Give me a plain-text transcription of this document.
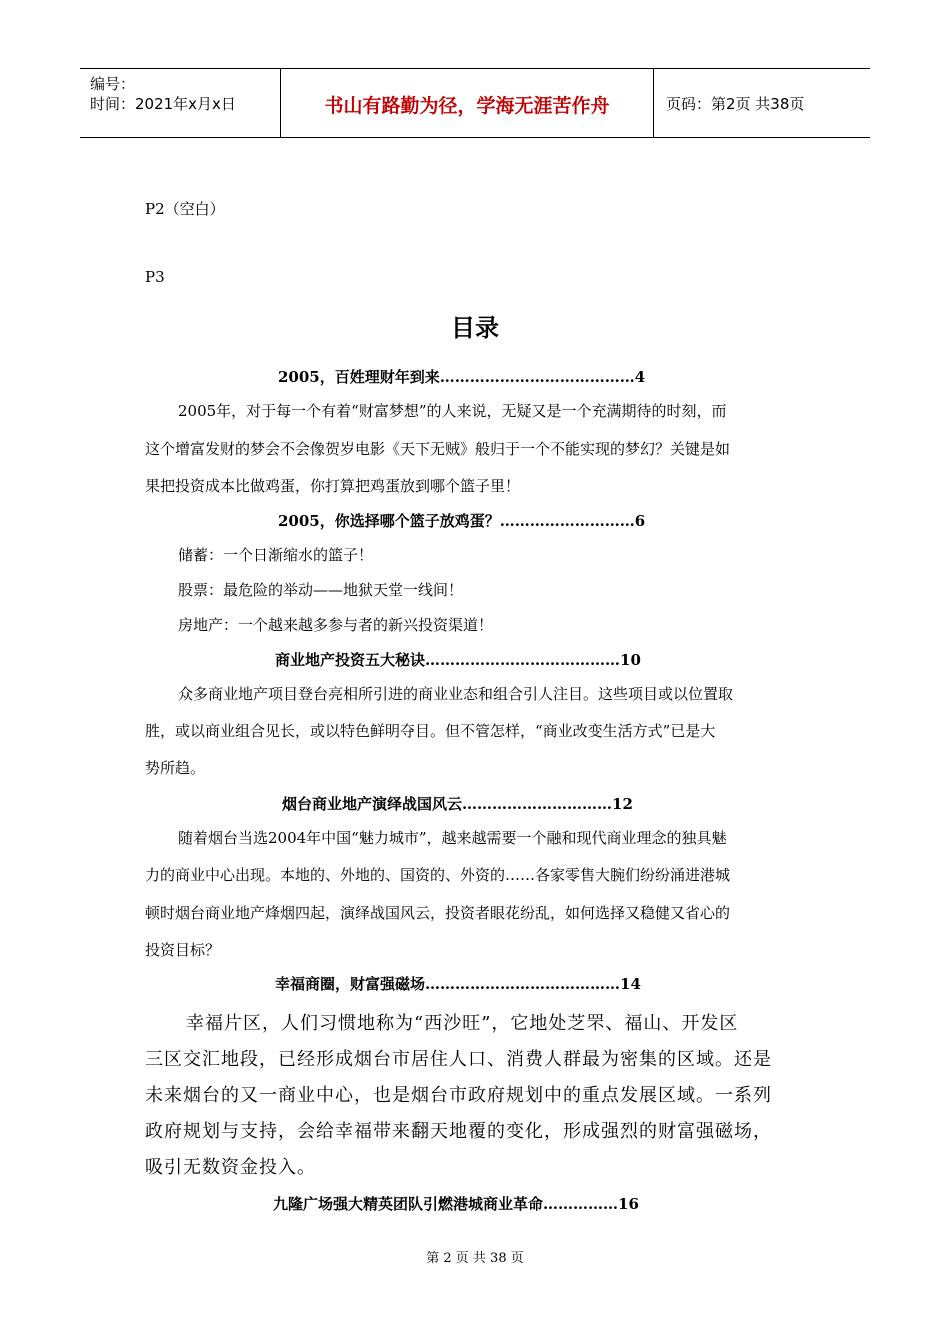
编号：
时间：2021年x月x日	书山有路勤为径，学海无涯苦作舟	页码：第2页 共38页
P2（空白）
P3
目录
2005，百姓理财年到来…………………………………4
2005年，对于每一个有着“财富梦想”的人来说，无疑又是一个充满期待的时刻，而
这个增富发财的梦会不会像贺岁电影《天下无贼》般归于一个不能实现的梦幻？关键是如
果把投资成本比做鸡蛋，你打算把鸡蛋放到哪个篮子里！
2005，你选择哪个篮子放鸡蛋？………………………6
储蓄：一个日渐缩水的篮子！
股票：最危险的举动——地狱天堂一线间！
房地产：一个越来越多参与者的新兴投资渠道！
商业地产投资五大秘诀…………………………………10
众多商业地产项目登台亮相所引进的商业业态和组合引人注目。这些项目或以位置取
胜，或以商业组合见长，或以特色鲜明夺目。但不管怎样，“商业改变生活方式”已是大
势所趋。
烟台商业地产演绎战国风云…………………………12
随着烟台当选2004年中国“魅力城市”，越来越需要一个融和现代商业理念的独具魅
力的商业中心出现。本地的、外地的、国资的、外资的……各家零售大腕们纷纷涌进港城
顿时烟台商业地产烽烟四起，演绎战国风云，投资者眼花纷乱，如何选择又稳健又省心的
投资目标？
幸福商圈，财富强磁场…………………………………14
幸福片区，人们习惯地称为“西沙旺”，它地处芝罘、福山、开发区
三区交汇地段，已经形成烟台市居住人口、消费人群最为密集的区域。还是
未来烟台的又一商业中心，也是烟台市政府规划中的重点发展区域。一系列
政府规划与支持，会给幸福带来翻天地覆的变化，形成强烈的财富强磁场，
吸引无数资金投入。
九隆广场强大精英团队引燃港城商业革命……………16
第 2 页 共 38 页
